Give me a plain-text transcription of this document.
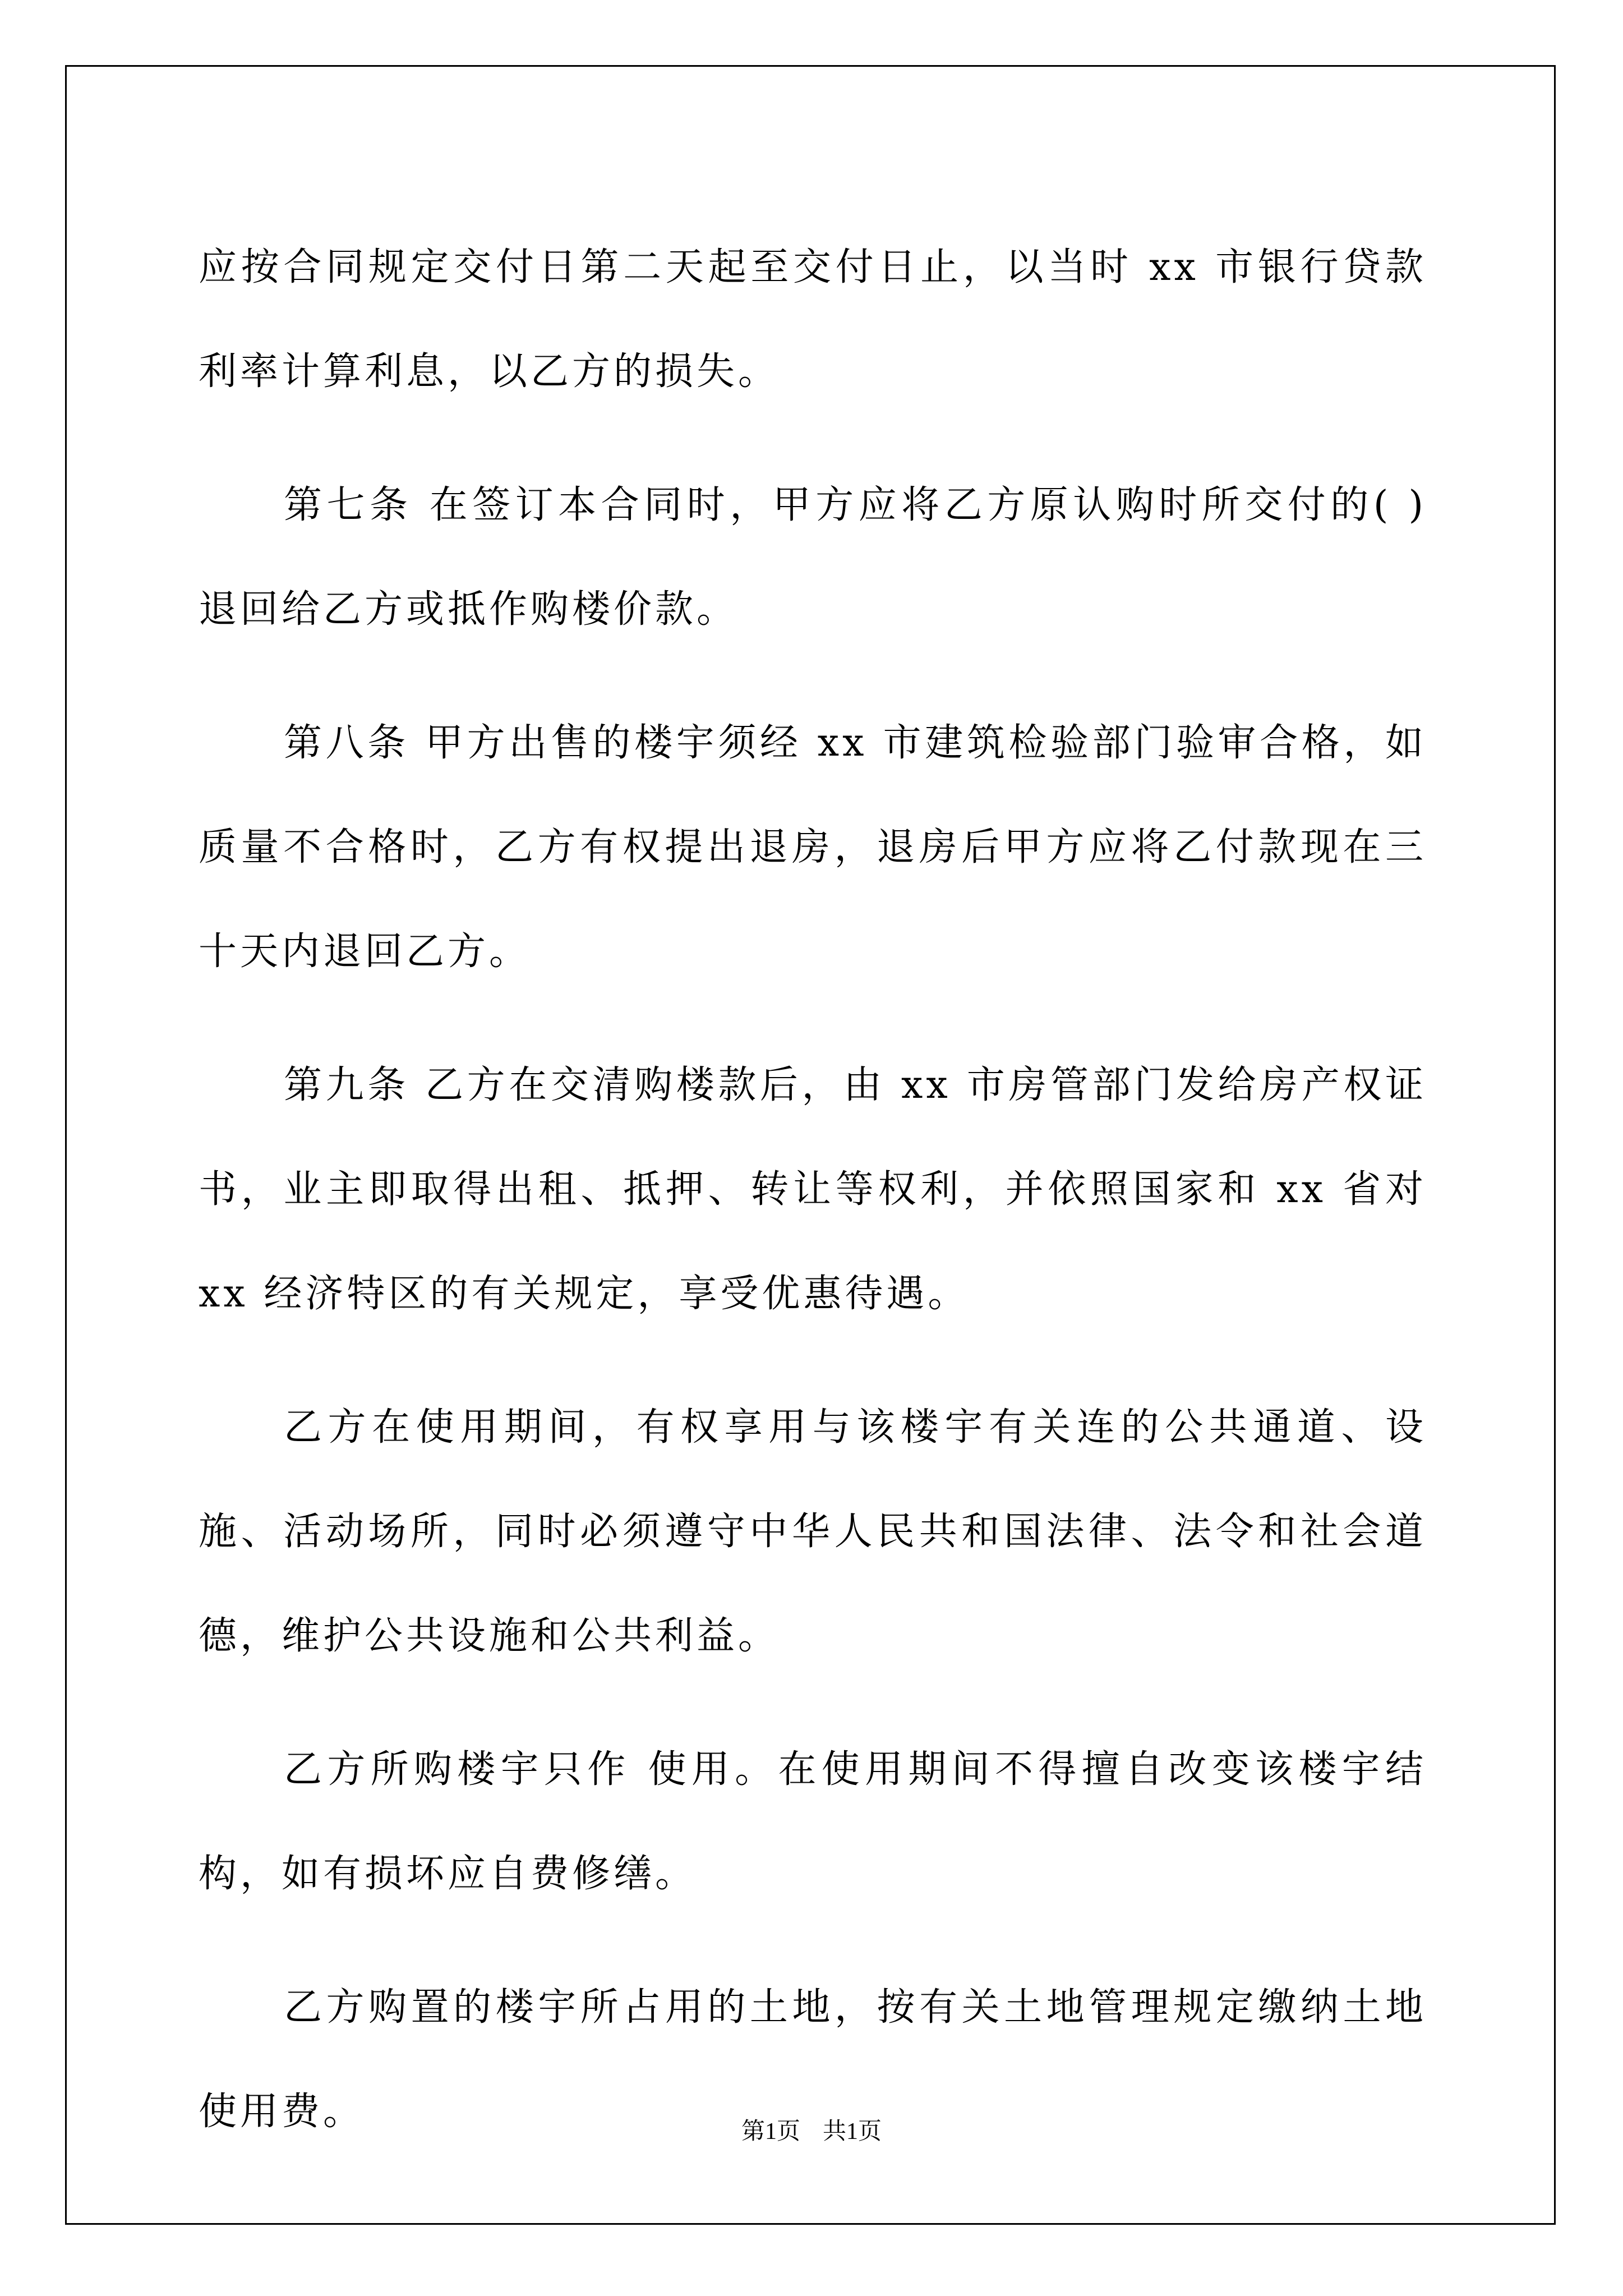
应按合同规定交付日第二天起至交付日止，以当时 xx 市银行贷款利率计算利息，以乙方的损失。

第七条 在签订本合同时，甲方应将乙方原认购时所交付的( )退回给乙方或抵作购楼价款。

第八条 甲方出售的楼宇须经 xx 市建筑检验部门验审合格，如质量不合格时，乙方有权提出退房，退房后甲方应将乙付款现在三十天内退回乙方。

第九条 乙方在交清购楼款后，由 xx 市房管部门发给房产权证书，业主即取得出租、抵押、转让等权利，并依照国家和 xx 省对 xx 经济特区的有关规定，享受优惠待遇。

乙方在使用期间，有权享用与该楼宇有关连的公共通道、设施、活动场所，同时必须遵守中华人民共和国法律、法令和社会道德，维护公共设施和公共利益。

乙方所购楼宇只作 使用。在使用期间不得擅自改变该楼宇结构，如有损坏应自费修缮。

乙方购置的楼宇所占用的土地，按有关土地管理规定缴纳土地使用费。	第1页 共1页
